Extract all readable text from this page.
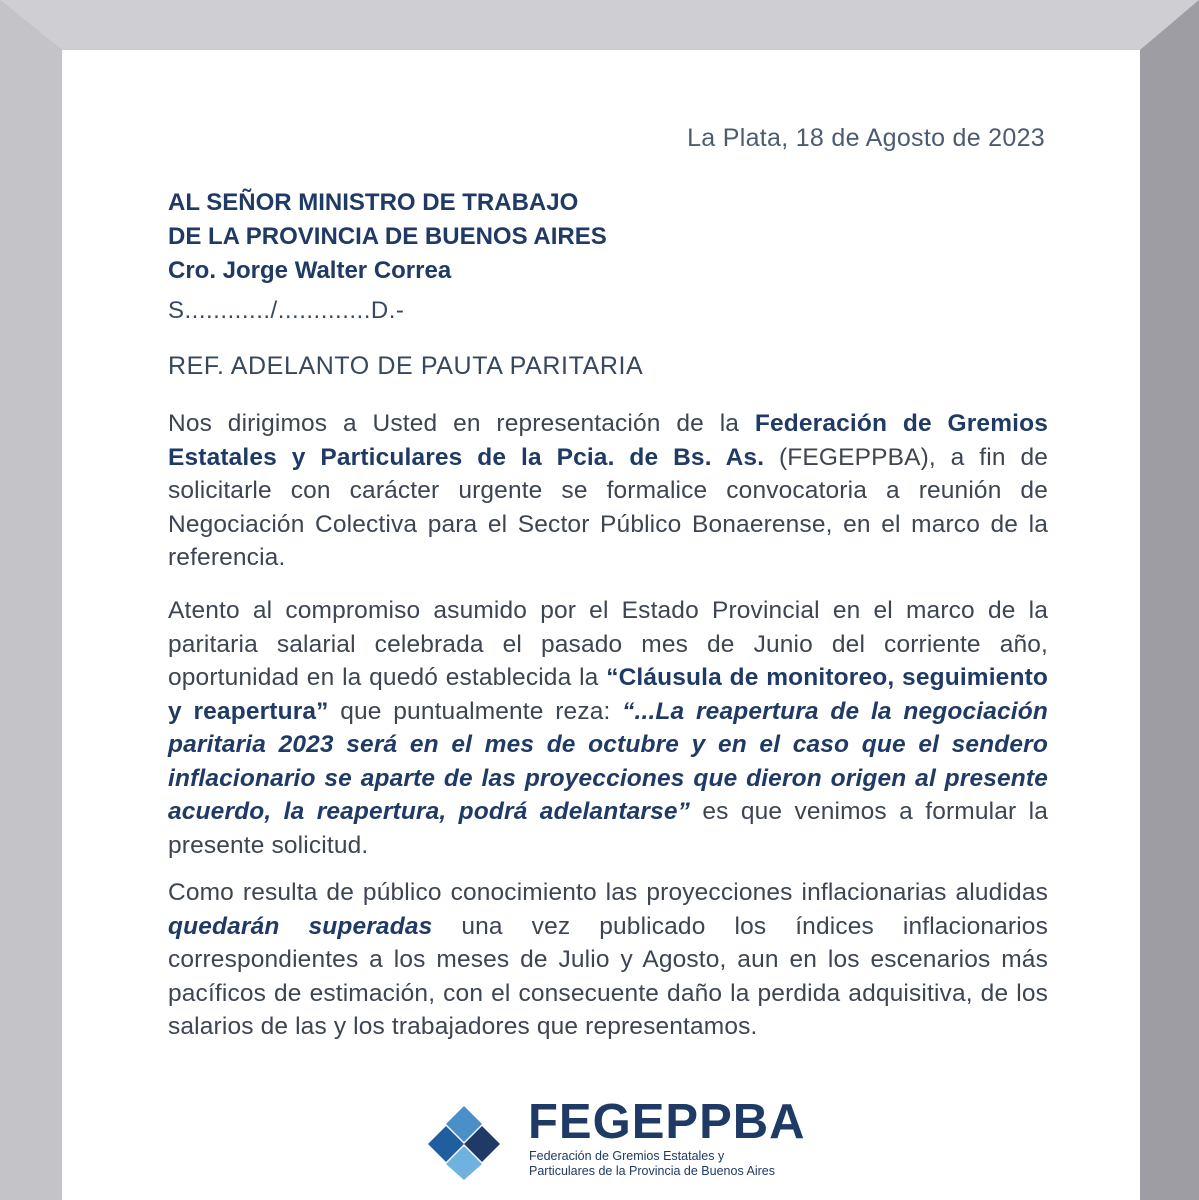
La Plata, 18 de Agosto de 2023
AL SEÑOR MINISTRO DE TRABAJO
DE LA PROVINCIA DE BUENOS AIRES
Cro. Jorge Walter Correa
S............/.............D.-
REF. ADELANTO DE PAUTA PARITARIA
Nos dirigimos a Usted en representación de la Federación de Gremios Estatales y Particulares de la Pcia. de Bs. As. (FEGEPPBA), a fin de solicitarle con carácter urgente se formalice convocatoria a reunión de Negociación Colectiva para el Sector Público Bonaerense, en el marco de la referencia.
Atento al compromiso asumido por el Estado Provincial en el marco de la paritaria salarial celebrada el pasado mes de Junio del corriente año, oportunidad en la quedó establecida la “Cláusula de monitoreo, seguimiento y reapertura” que puntualmente reza: “...La reapertura de la negociación paritaria 2023 será en el mes de octubre y en el caso que el sendero inflacionario se aparte de las proyecciones que dieron origen al presente acuerdo, la reapertura, podrá adelantarse” es que venimos a formular la presente solicitud.
Como resulta de público conocimiento las proyecciones inflacionarias aludidas quedarán superadas una vez publicado los índices inflacionarios correspondientes a los meses de Julio y Agosto, aun en los escenarios más pacíficos de estimación, con el consecuente daño la perdida adquisitiva, de los salarios de las y los trabajadores que representamos.
FEGEPPBA
Federación de Gremios Estatales y
Particulares de la Provincia de Buenos Aires
